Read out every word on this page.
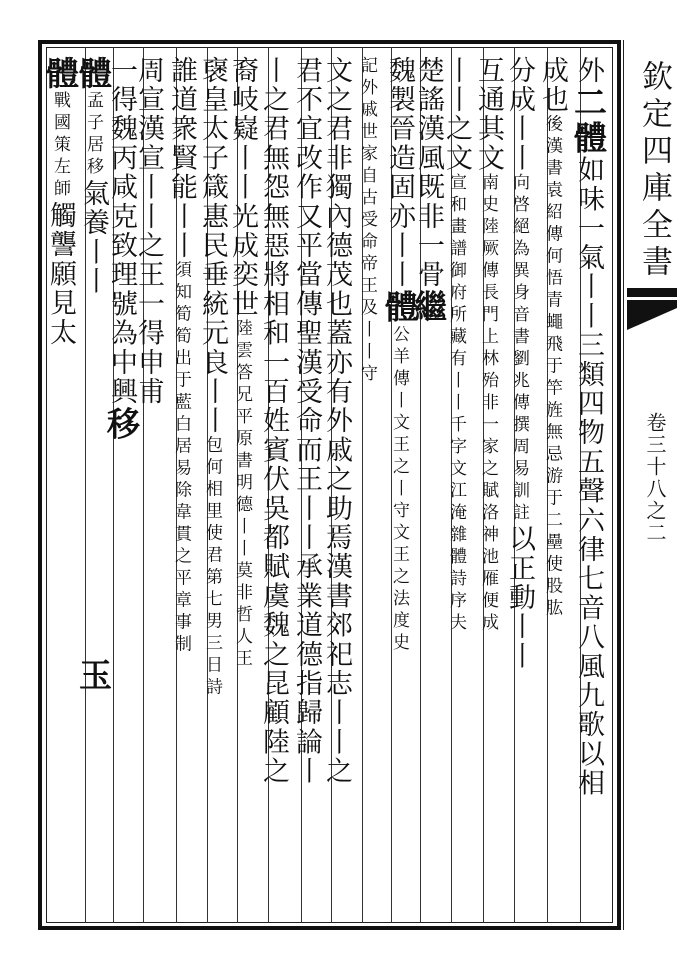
欽定四庫全書
卷三十八之二
外二體如味一氣丨丨三類四物五聲六律七音八風九歌以相
成也後漢書袁紹傳何悟青蠅飛于竿旌無忌游于二壘使股肱
分成丨丨向啓絕為異身音書劉兆傳撰周易訓註以正動丨丨
互通其文南史陸厥傳長門上林殆非一家之賦洛神池雁便成
丨丨之文宣和畫譜御府所藏有丨丨千字文江淹雜體詩序夫
楚謠漢風既非一骨繼
魏製晉造固亦丨丨體公羊傳丨文王之丨守文王之法度史
記外戚世家自古受命帝王及丨丨守
文之君非獨內德茂也蓋亦有外戚之助焉漢書郊祀志丨丨之
君不宜改作又平當傳聖漢受命而王丨丨承業道德指歸論丨
丨之君無怨無惡將相和一百姓賓伏吳都賦虞魏之昆顧陸之
裔岐嶷丨丨光成奕世陸雲答兄平原書明德丨丨莫非哲人王
襃皇太子箴惠民垂統元良丨丨包何相里使君第七男三日詩
誰道衆賢能丨丨須知筍筍出于藍白居易除韋貫之平章事制
周宣漢宣丨丨之王一得申甫
一得魏丙咸克致理號為中興移
體孟子居移氣養丨丨
玉
體戰國策左師觸讋願見太
